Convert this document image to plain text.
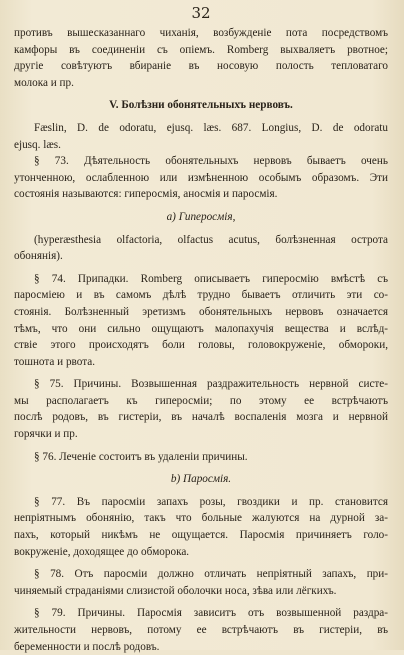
32
противъ вышесказаннаго чиханія, возбужденіе пота посредствомъ
камфоры въ соединеніи съ опіемъ. Romberg выхваляетъ рвотное;
другіе совѣтуютъ вбираніе въ носовую полость тепловатаго
молока и пр.
V. Болѣзни обонятельныхъ нервовъ.
Fæslin, D. de odoratu, ejusq. læs. 687. Longius, D. de odoratu
ejusq. læs.
§ 73. Дѣятельность обонятельныхъ нервовъ бываетъ очень
утонченною, ослабленною или измѣненною особымъ образомъ. Эти
состоянія называются: гиперосмія, аносмія и паросмія.
а) Гиперосмія,
(hyperæsthesia olfactoria, olfactus acutus, болѣзненная острота
обонянія).
§ 74. Припадки. Romberg описываетъ гиперосмію вмѣстѣ съ
паросміею и въ самомъ дѣлѣ трудно бываетъ отличить эти со-
стоянія. Болѣзненный эретизмъ обонятельныхъ нервовъ означается
тѣмъ, что они сильно ощущаютъ малопахучія вещества и вслѣд-
ствіе этого происходятъ боли головы, головокруженіе, обмороки,
тошнота и рвота.
§ 75. Причины. Возвышенная раздражительность нервной систе-
мы располагаетъ къ гиперосміи; по этому ее встрѣчаютъ
послѣ родовъ, въ гистеріи, въ началѣ воспаленія мозга и нервной
горячки и пр.
§ 76. Леченіе состоитъ въ удаленіи причины.
b) Паросмія.
§ 77. Въ паросміи запахъ розы, гвоздики и пр. становится
непріятнымъ обонянію, такъ что больные жалуются на дурной за-
пахъ, который никѣмъ не ощущается. Паросмія причиняетъ голо-
вокруженіе, доходящее до обморока.
§ 78. Отъ паросміи должно отличать непріятный запахъ, при-
чиняемый страданіями слизистой оболочки носа, зѣва или лёгкихъ.
§ 79. Причины. Паросмія зависитъ отъ возвышенной раздра-
жительности нервовъ, потому ее встрѣчаютъ въ гистеріи, въ
беременности и послѣ родовъ.
